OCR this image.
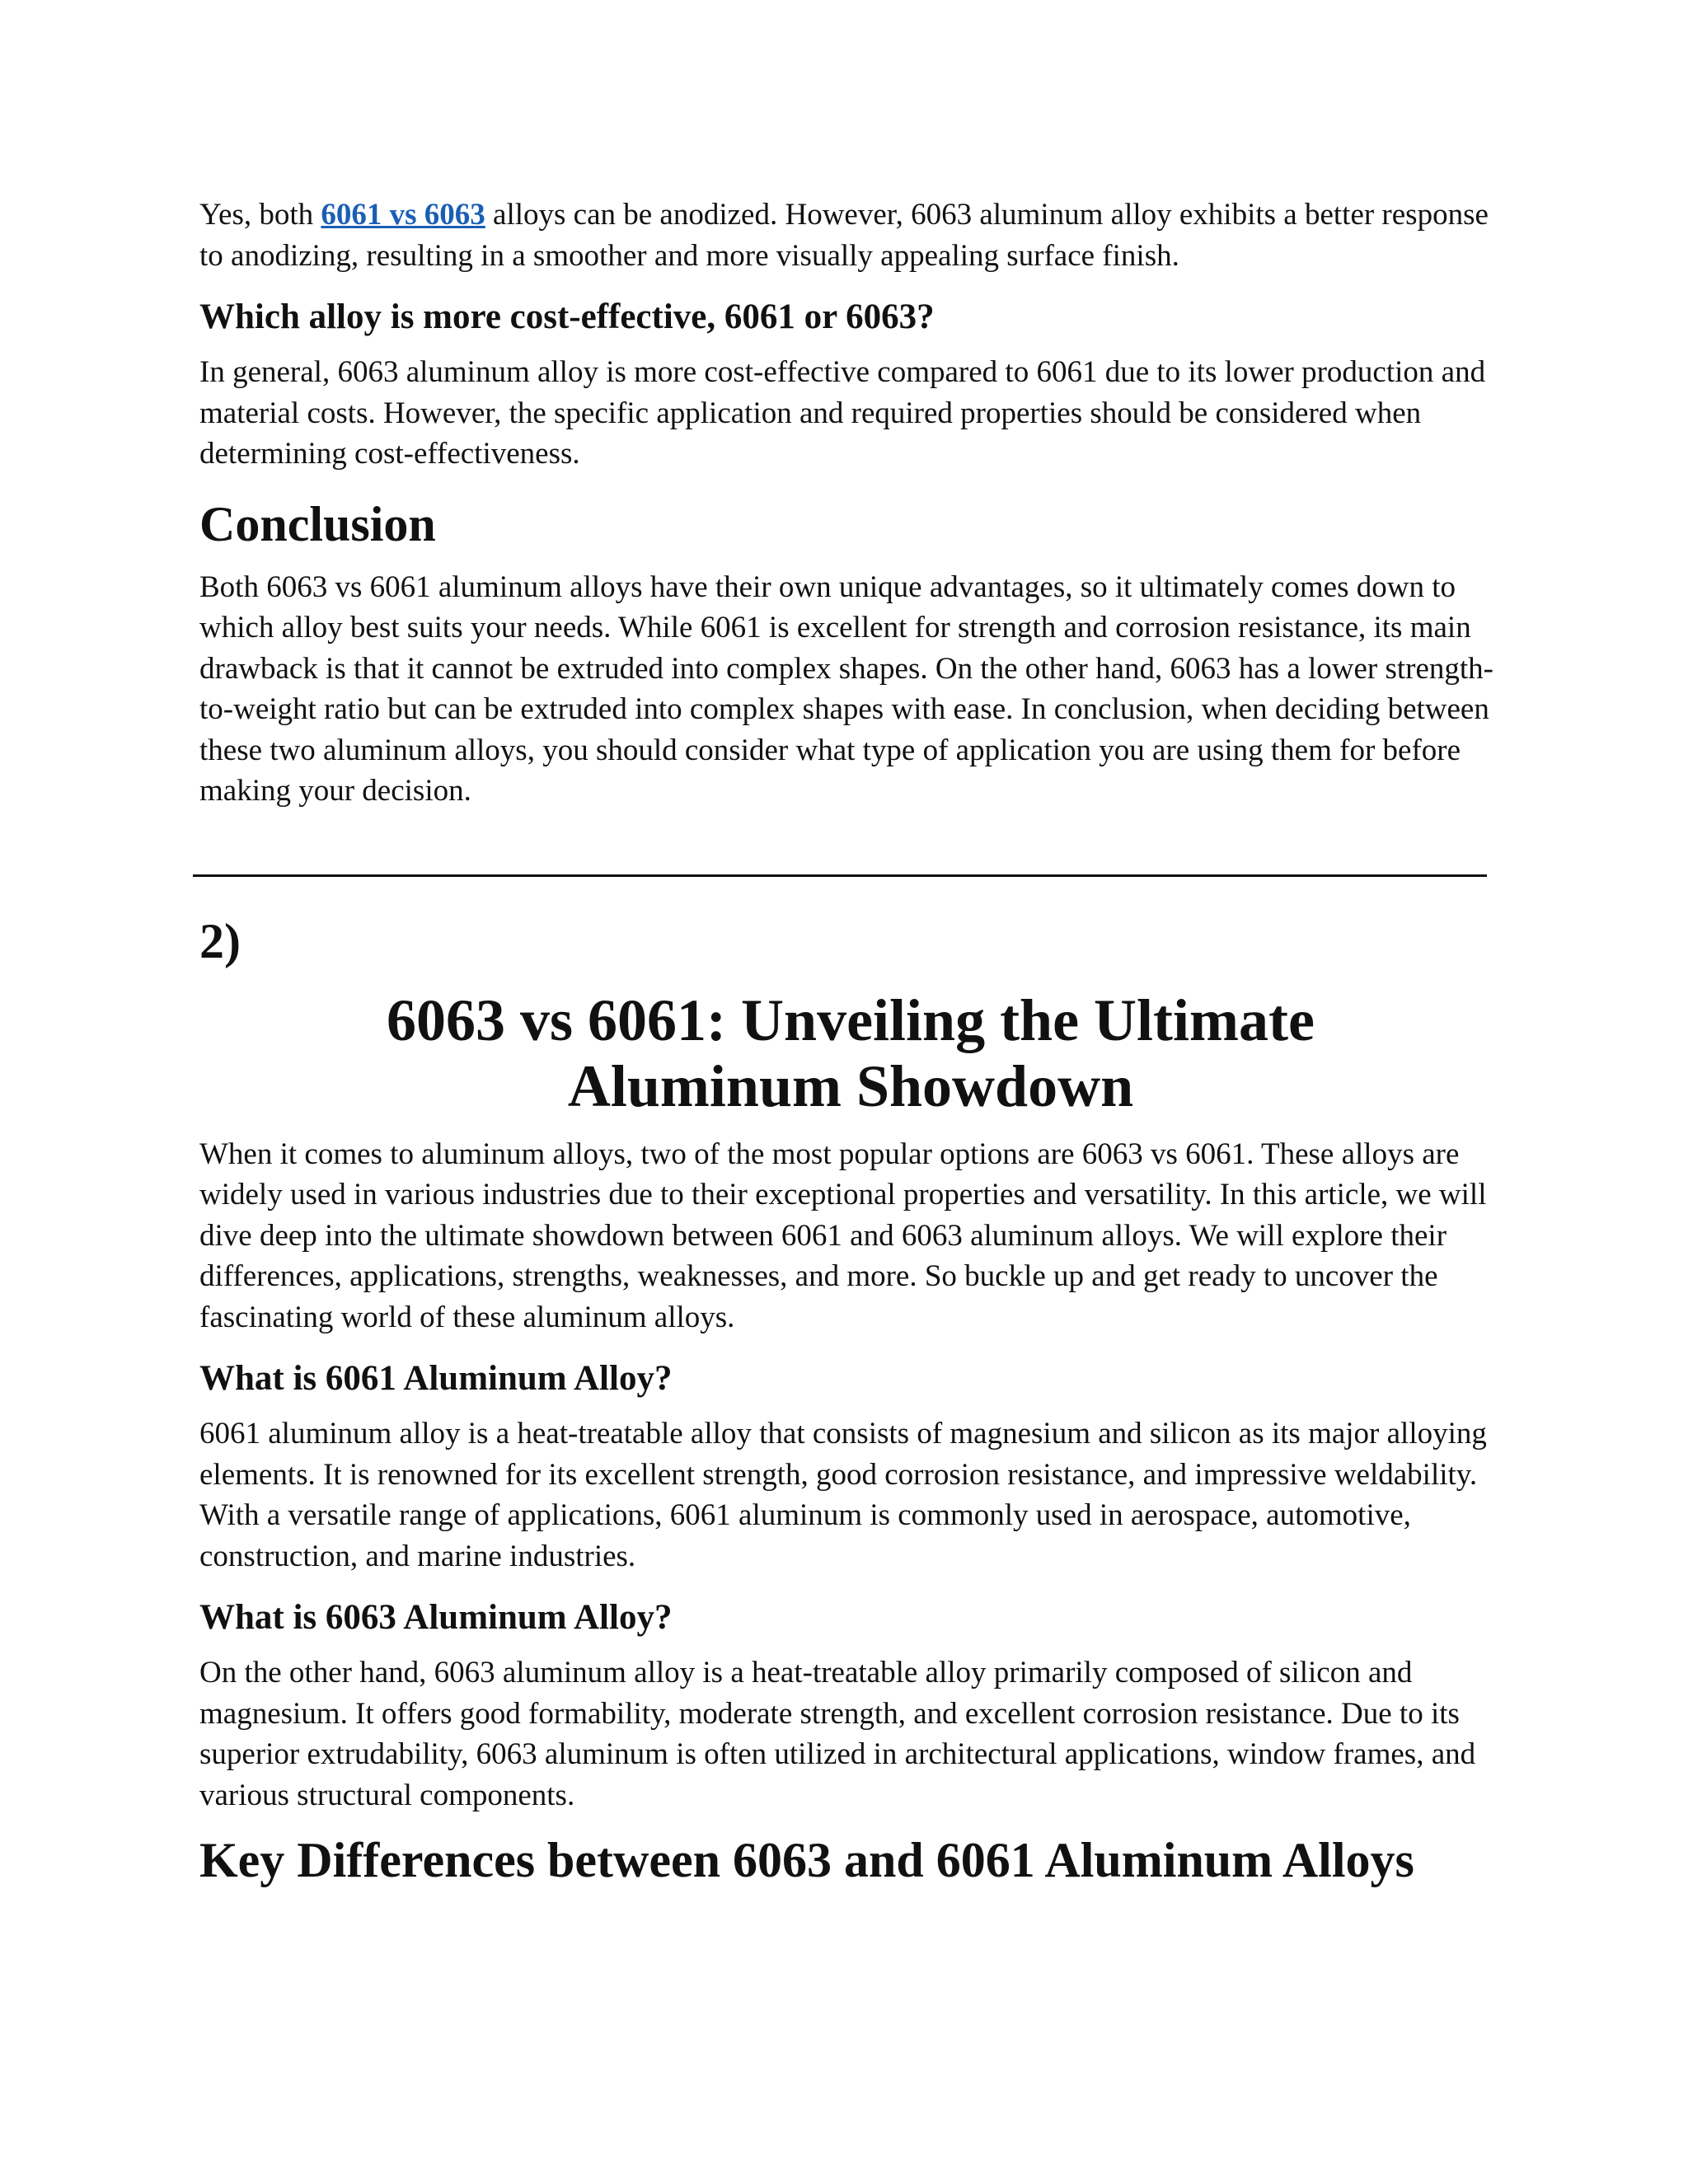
Yes, both 6061 vs 6063 alloys can be anodized. However, 6063 aluminum alloy exhibits a better response to anodizing, resulting in a smoother and more visually appealing surface finish.

Which alloy is more cost-effective, 6061 or 6063?

In general, 6063 aluminum alloy is more cost-effective compared to 6061 due to its lower production and material costs. However, the specific application and required properties should be considered when determining cost-effectiveness.

Conclusion

Both 6063 vs 6061 aluminum alloys have their own unique advantages, so it ultimately comes down to which alloy best suits your needs. While 6061 is excellent for strength and corrosion resistance, its main drawback is that it cannot be extruded into complex shapes. On the other hand, 6063 has a lower strength-to-weight ratio but can be extruded into complex shapes with ease. In conclusion, when deciding between these two aluminum alloys, you should consider what type of application you are using them for before making your decision.

2)
6063 vs 6061: Unveiling the Ultimate Aluminum Showdown

When it comes to aluminum alloys, two of the most popular options are 6063 vs 6061. These alloys are widely used in various industries due to their exceptional properties and versatility. In this article, we will dive deep into the ultimate showdown between 6061 and 6063 aluminum alloys. We will explore their differences, applications, strengths, weaknesses, and more. So buckle up and get ready to uncover the fascinating world of these aluminum alloys.

What is 6061 Aluminum Alloy?

6061 aluminum alloy is a heat-treatable alloy that consists of magnesium and silicon as its major alloying elements. It is renowned for its excellent strength, good corrosion resistance, and impressive weldability. With a versatile range of applications, 6061 aluminum is commonly used in aerospace, automotive, construction, and marine industries.

What is 6063 Aluminum Alloy?

On the other hand, 6063 aluminum alloy is a heat-treatable alloy primarily composed of silicon and magnesium. It offers good formability, moderate strength, and excellent corrosion resistance. Due to its superior extrudability, 6063 aluminum is often utilized in architectural applications, window frames, and various structural components.

Key Differences between 6063 and 6061 Aluminum Alloys
